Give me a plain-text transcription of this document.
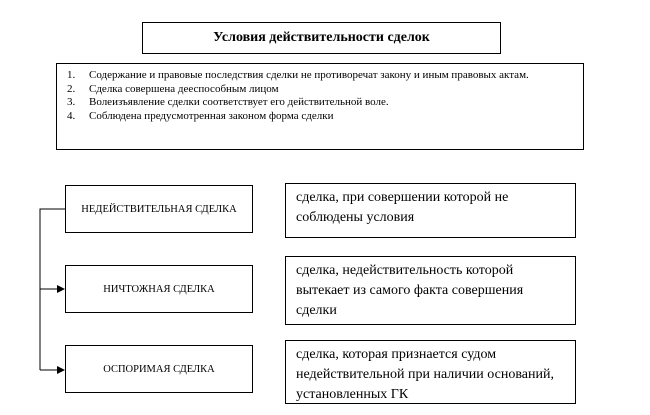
Условия действительности сделок
1.	Содержание и правовые последствия сделки не противоречат закону и иным правовых актам.
2.	Сделка совершена дееспособным лицом
3.	Волеизъявление сделки соответствует его действительной воле.
4.	Соблюдена предусмотренная законом форма сделки
НЕДЕЙСТВИТЕЛЬНАЯ СДЕЛКА
сделка, при совершении которой не соблюдены условия
НИЧТОЖНАЯ СДЕЛКА
сделка, недействительность которой вытекает из самого факта совершения сделки
ОСПОРИМАЯ СДЕЛКА
сделка, которая признается судом недействительной при наличии оснований, установленных ГК
